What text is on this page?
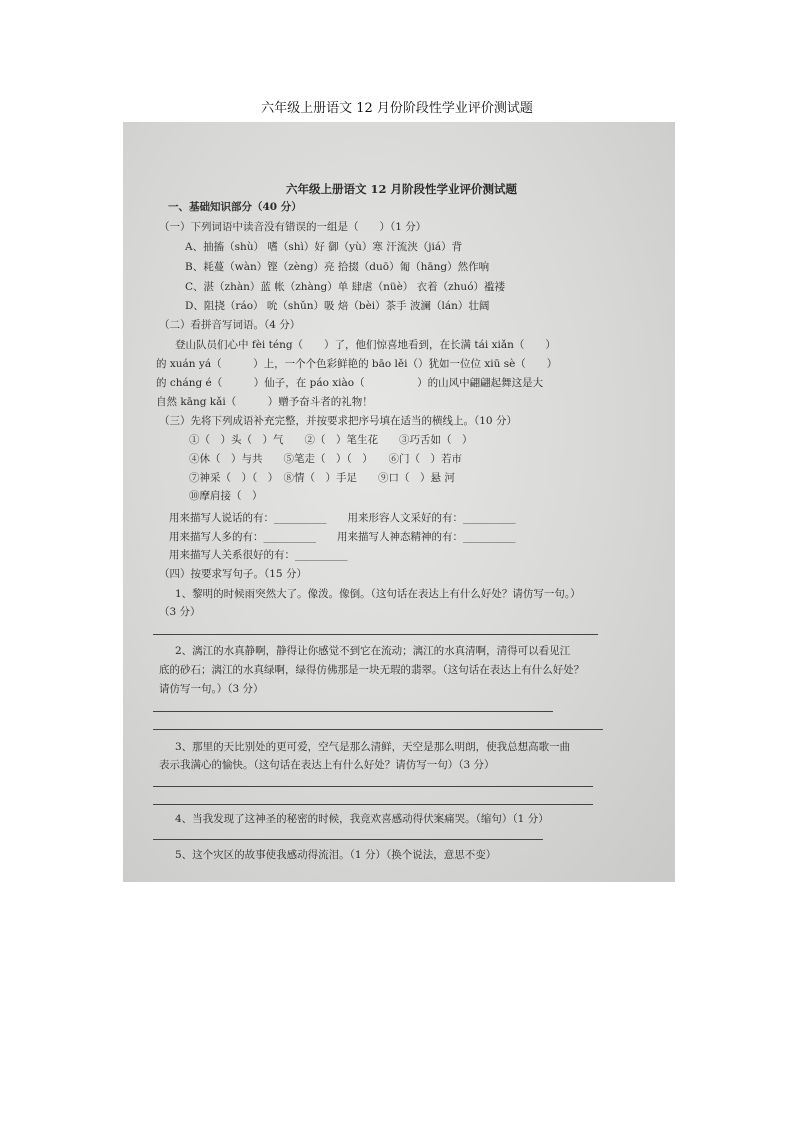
六年级上册语文 12 月份阶段性学业评价测试题
六年级上册语文 12 月阶段性学业评价测试题
一、基础知识部分（40 分）
（一）下列词语中读音没有错误的一组是（　　）（1 分）
A、抽搐（shù） 嗜（shì）好 御（yù）寒 汗流浃（jiá）背
B、耗蔓（wàn）铿（zèng）亮 拾掇（duō）匍（hāng）然作响
C、湛（zhàn）蓝 帐（zhàng）单 肆虐（nüè） 衣着（zhuó）褴褛
D、阻挠（ráo） 吮（shǔn）吸 焙（bèi）茶手 波澜（lán）壮阔
（二）看拼音写词语。（4 分）
登山队员们心中 fèi téng（　　）了，他们惊喜地看到，在长满 tái xiǎn（　　）
的 xuán yá（　　　）上，一个个色彩鲜艳的 bāo lěi（）犹如一位位 xiū sè（　　）
的 cháng é（　　　）仙子，在 páo xiào（　　　　　）的山风中翩翩起舞这是大
自然 kāng kǎi（　　　）赠予奋斗者的礼物！
（三）先将下列成语补充完整，并按要求把序号填在适当的横线上。（10 分）
①（　）头（　）气　　②（　）笔生花　　③巧舌如（　）
④休（　）与共　　⑤笔走（　）（　）　　⑥门（　）若市
⑦神采（　）（　）　⑧情（　）手足　　⑨口（　）悬 河
⑩摩肩接（　）
用来描写人说话的有：__________　　用来形容人文采好的有：__________
用来描写人多的有：__________　　用来描写人神态精神的有：__________
用来描写人关系很好的有：__________
（四）按要求写句子。（15 分）
1、黎明的时候雨突然大了。像泼。像倒。（这句话在表达上有什么好处？请仿写一句。）
（3 分）
2、漓江的水真静啊，静得让你感觉不到它在流动；漓江的水真清啊，清得可以看见江
底的砂石；漓江的水真绿啊，绿得仿佛那是一块无瑕的翡翠。（这句话在表达上有什么好处？
请仿写一句。）（3 分）
3、那里的天比别处的更可爱，空气是那么清鲜，天空是那么明朗，使我总想高歌一曲
表示我满心的愉快。（这句话在表达上有什么好处？请仿写一句）（3 分）
4、当我发现了这神圣的秘密的时候，我竟欢喜感动得伏案痛哭。（缩句）（1 分）
5、这个灾区的故事使我感动得流泪。（1 分）（换个说法，意思不变）
